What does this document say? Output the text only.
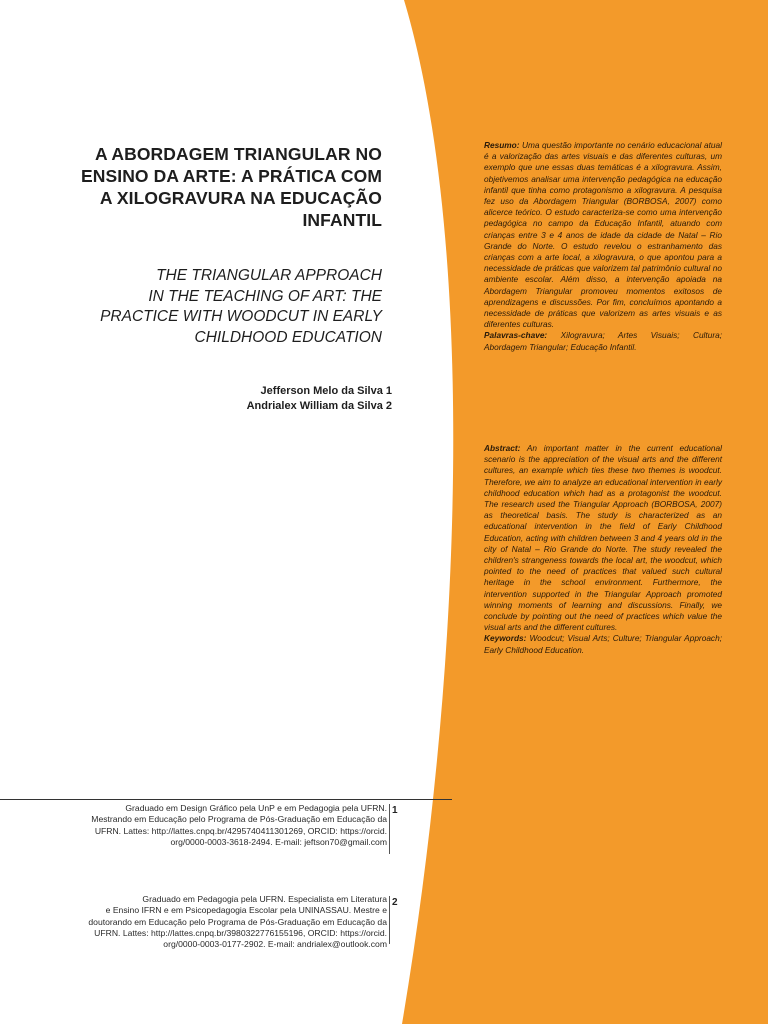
A ABORDAGEM TRIANGULAR NO
ENSINO DA ARTE: A PRÁTICA COM
A XILOGRAVURA NA EDUCAÇÃO
INFANTIL
THE TRIANGULAR APPROACH
IN THE TEACHING OF ART: THE
PRACTICE WITH WOODCUT IN EARLY
CHILDHOOD EDUCATION
Jefferson Melo da Silva 1
Andrialex William da Silva 2
Resumo: Uma questão importante no cenário educacional atual é a valorização das artes visuais e das diferentes culturas, um exemplo que une essas duas temáticas é a xilogravura. Assim, objetivemos analisar uma intervenção pedagógica na educação infantil que tinha como protagonismo a xilogravura. A pesquisa fez uso da Abordagem Triangular (BORBOSA, 2007) como alicerce teórico. O estudo caracteriza-se como uma intervenção pedagógica no campo da Educação Infantil, atuando com crianças entre 3 e 4 anos de idade da cidade de Natal – Rio Grande do Norte. O estudo revelou o estranhamento das crianças com a arte local, a xilogravura, o que apontou para a necessidade de práticas que valorizem tal patrimônio cultural no ambiente escolar. Além disso, a intervenção apoiada na Abordagem Triangular promoveu momentos exitosos de aprendizagens e discussões. Por fim, concluímos apontando a necessidade de práticas que valorizem as artes visuais e as diferentes culturas.
Palavras-chave: Xilogravura; Artes Visuais; Cultura; Abordagem Triangular; Educação Infantil.
Abstract: An important matter in the current educational scenario is the appreciation of the visual arts and the different cultures, an example which ties these two themes is woodcut. Therefore, we aim to analyze an educational intervention in early childhood education which had as a protagonist the woodcut. The research used the Triangular Approach (BORBOSA, 2007) as theoretical basis. The study is characterized as an educational intervention in the field of Early Childhood Education, acting with children between 3 and 4 years old in the city of Natal – Rio Grande do Norte. The study revealed the children's strangeness towards the local art, the woodcut, which pointed to the need of practices that valued such cultural heritage in the school environment. Furthermore, the intervention supported in the Triangular Approach promoted winning moments of learning and discussions. Finally, we conclude by pointing out the need of practices which value the visual arts and the different cultures.
Keywords: Woodcut; Visual Arts; Culture; Triangular Approach; Early Childhood Education.
Graduado em Design Gráfico pela UnP e em Pedagogia pela UFRN.
Mestrando em Educação pelo Programa de Pós-Graduação em Educação da
UFRN. Lattes: http://lattes.cnpq.br/4295740411301269, ORCID: https://orcid.
org/0000-0003-3618-2494. E-mail: jeftson70@gmail.com
1
Graduado em Pedagogia pela UFRN. Especialista em Literatura
e Ensino IFRN e em Psicopedagogia Escolar pela UNINASSAU. Mestre e
doutorando em Educação pelo Programa de Pós-Graduação em Educação da
UFRN. Lattes: http://lattes.cnpq.br/3980322776155196, ORCID: https://orcid.
org/0000-0003-0177-2902. E-mail: andrialex@outlook.com
2
